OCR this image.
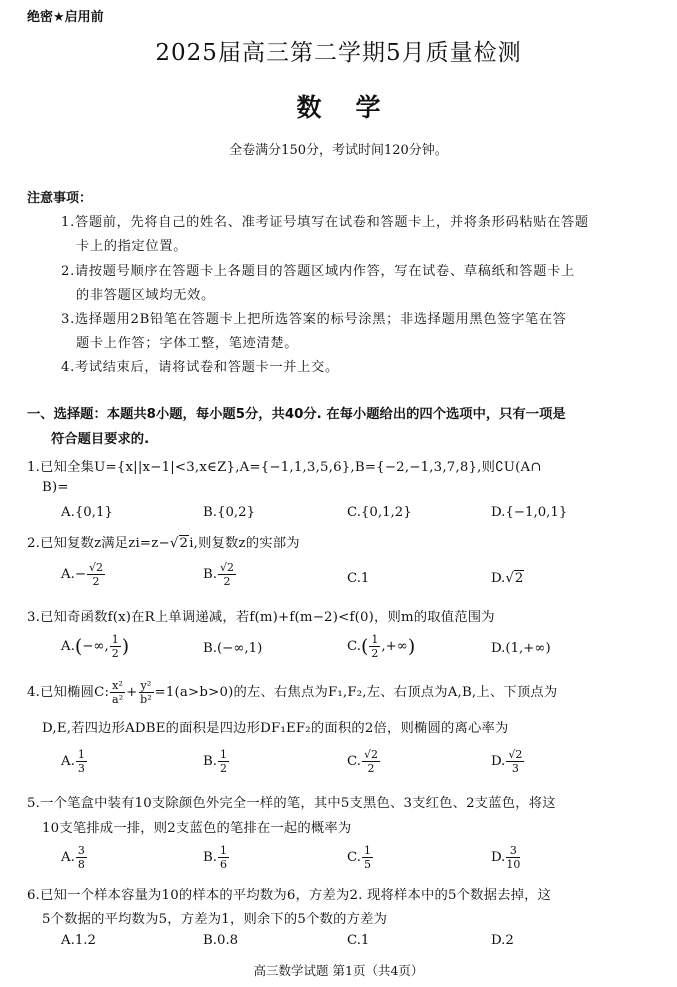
绝密★启用前
2025届高三第二学期5月质量检测
数学
全卷满分150分，考试时间120分钟。
注意事项：
1.答题前，先将自己的姓名、准考证号填写在试卷和答题卡上，并将条形码粘贴在答题
卡上的指定位置。
2.请按题号顺序在答题卡上各题目的答题区域内作答，写在试卷、草稿纸和答题卡上
的非答题区域均无效。
3.选择题用2B铅笔在答题卡上把所选答案的标号涂黑；非选择题用黑色签字笔在答
题卡上作答；字体工整，笔迹清楚。
4.考试结束后，请将试卷和答题卡一并上交。
一、选择题：本题共8小题，每小题5分，共40分. 在每小题给出的四个选项中，只有一项是
符合题目要求的.
1.已知全集U={x||x−1|<3,x∈Z},A={−1,1,3,5,6},B={−2,−1,3,7,8},则∁U(A∩
B)=
A.{0,1}	B.{0,2}	C.{0,1,2}	D.{−1,0,1}
2.已知复数z满足zi=z−√2i,则复数z的实部为
$A.- \frac{√2}{2}$	B. $\frac{√2}{2}$	C.1	D.√2
3.已知奇函数f(x)在R上单调递减，若f(m)+f(m−2)<f(0)，则m的取值范围为
A.(−∞, $\frac{1}{2}$ )	B.(−∞,1)	$C.( \frac{1}{2}$ ,+∞)	D.(1,+∞)
4.已知椭圆C: $\frac{\text{x²}}{\text{a²}} + \frac{\text{y²}}{\text{b²}} =1(a>b>0)$的左、右焦点为F₁,F₂,左、右顶点为A,B,上、下顶点为
D,E,若四边形ADBE的面积是四边形DF₁EF₂的面积的2倍，则椭圆的离心率为
A. $\frac{1}{3}$	B. $\frac{1}{2}$	C. $\frac{√2}{2}$	D. $\frac{√2}{3}$
5.一个笔盒中装有10支除颜色外完全一样的笔，其中5支黑色、3支红色、2支蓝色，将这
10支笔排成一排，则2支蓝色的笔排在一起的概率为
A. $\frac{3}{8}$	B. $\frac{1}{6}$	C. $\frac{1}{5}$	D. $\frac{3}{10}$
6.已知一个样本容量为10的样本的平均数为6，方差为2. 现将样本中的5个数据去掉，这
5个数据的平均数为5，方差为1，则余下的5个数的方差为
A.1.2	B.0.8	C.1	D.2
高三数学试题 第1页（共4页）
